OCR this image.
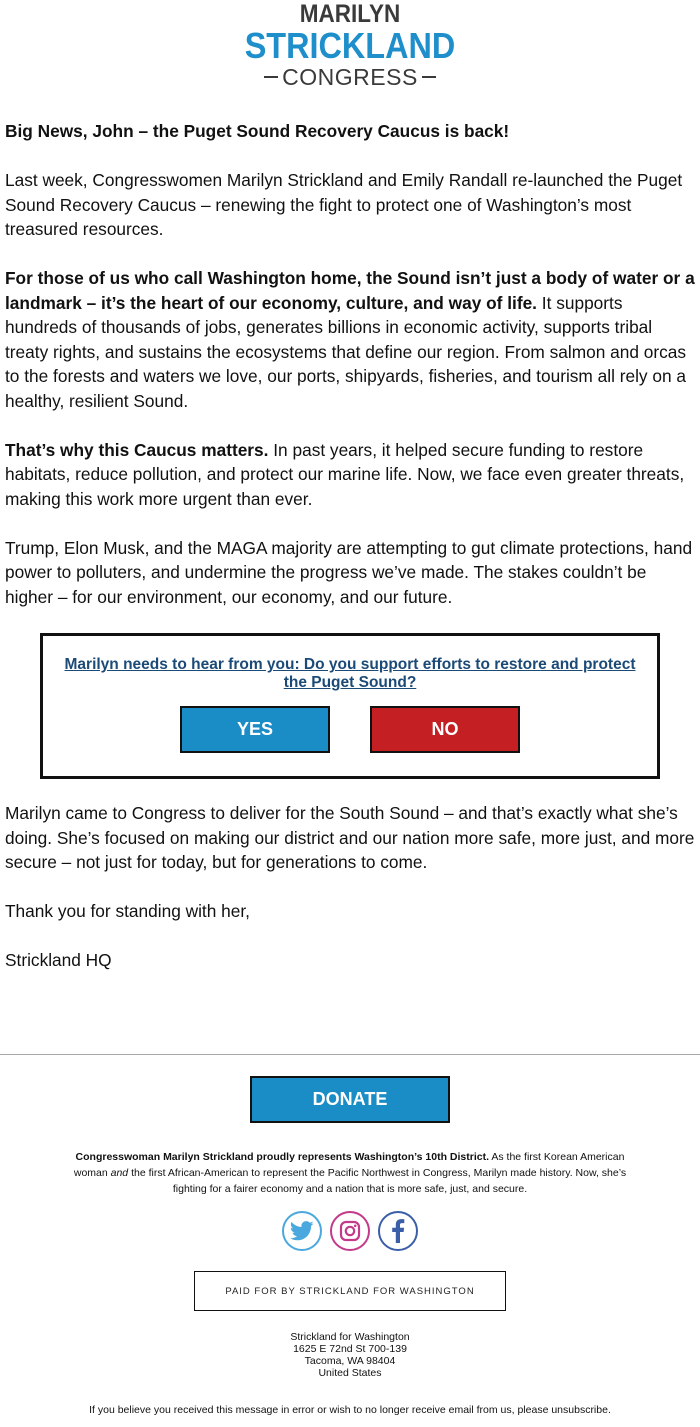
MARILYN
STRICKLAND
CONGRESS

Big News, John – the Puget Sound Recovery Caucus is back!

Last week, Congresswomen Marilyn Strickland and Emily Randall re-launched the Puget Sound Recovery Caucus – renewing the fight to protect one of Washington’s most treasured resources.

For those of us who call Washington home, the Sound isn’t just a body of water or a landmark – it’s the heart of our economy, culture, and way of life. It supports hundreds of thousands of jobs, generates billions in economic activity, supports tribal treaty rights, and sustains the ecosystems that define our region. From salmon and orcas to the forests and waters we love, our ports, shipyards, fisheries, and tourism all rely on a healthy, resilient Sound.

That’s why this Caucus matters. In past years, it helped secure funding to restore habitats, reduce pollution, and protect our marine life. Now, we face even greater threats, making this work more urgent than ever.

Trump, Elon Musk, and the MAGA majority are attempting to gut climate protections, hand power to polluters, and undermine the progress we’ve made. The stakes couldn’t be higher – for our environment, our economy, and our future.

Marilyn needs to hear from you: Do you support efforts to restore and protect the Puget Sound?
YES	NO

Marilyn came to Congress to deliver for the South Sound – and that’s exactly what she’s doing. She’s focused on making our district and our nation more safe, more just, and more secure – not just for today, but for generations to come.

Thank you for standing with her,

Strickland HQ

DONATE
Congresswoman Marilyn Strickland proudly represents Washington’s 10th District. As the first Korean American woman and the first African-American to represent the Pacific Northwest in Congress, Marilyn made history. Now, she’s fighting for a fairer economy and a nation that is more safe, just, and secure.
PAID FOR BY STRICKLAND FOR WASHINGTON
Strickland for Washington
1625 E 72nd St 700-139
Tacoma, WA 98404
United States
If you believe you received this message in error or wish to no longer receive email from us, please unsubscribe.
